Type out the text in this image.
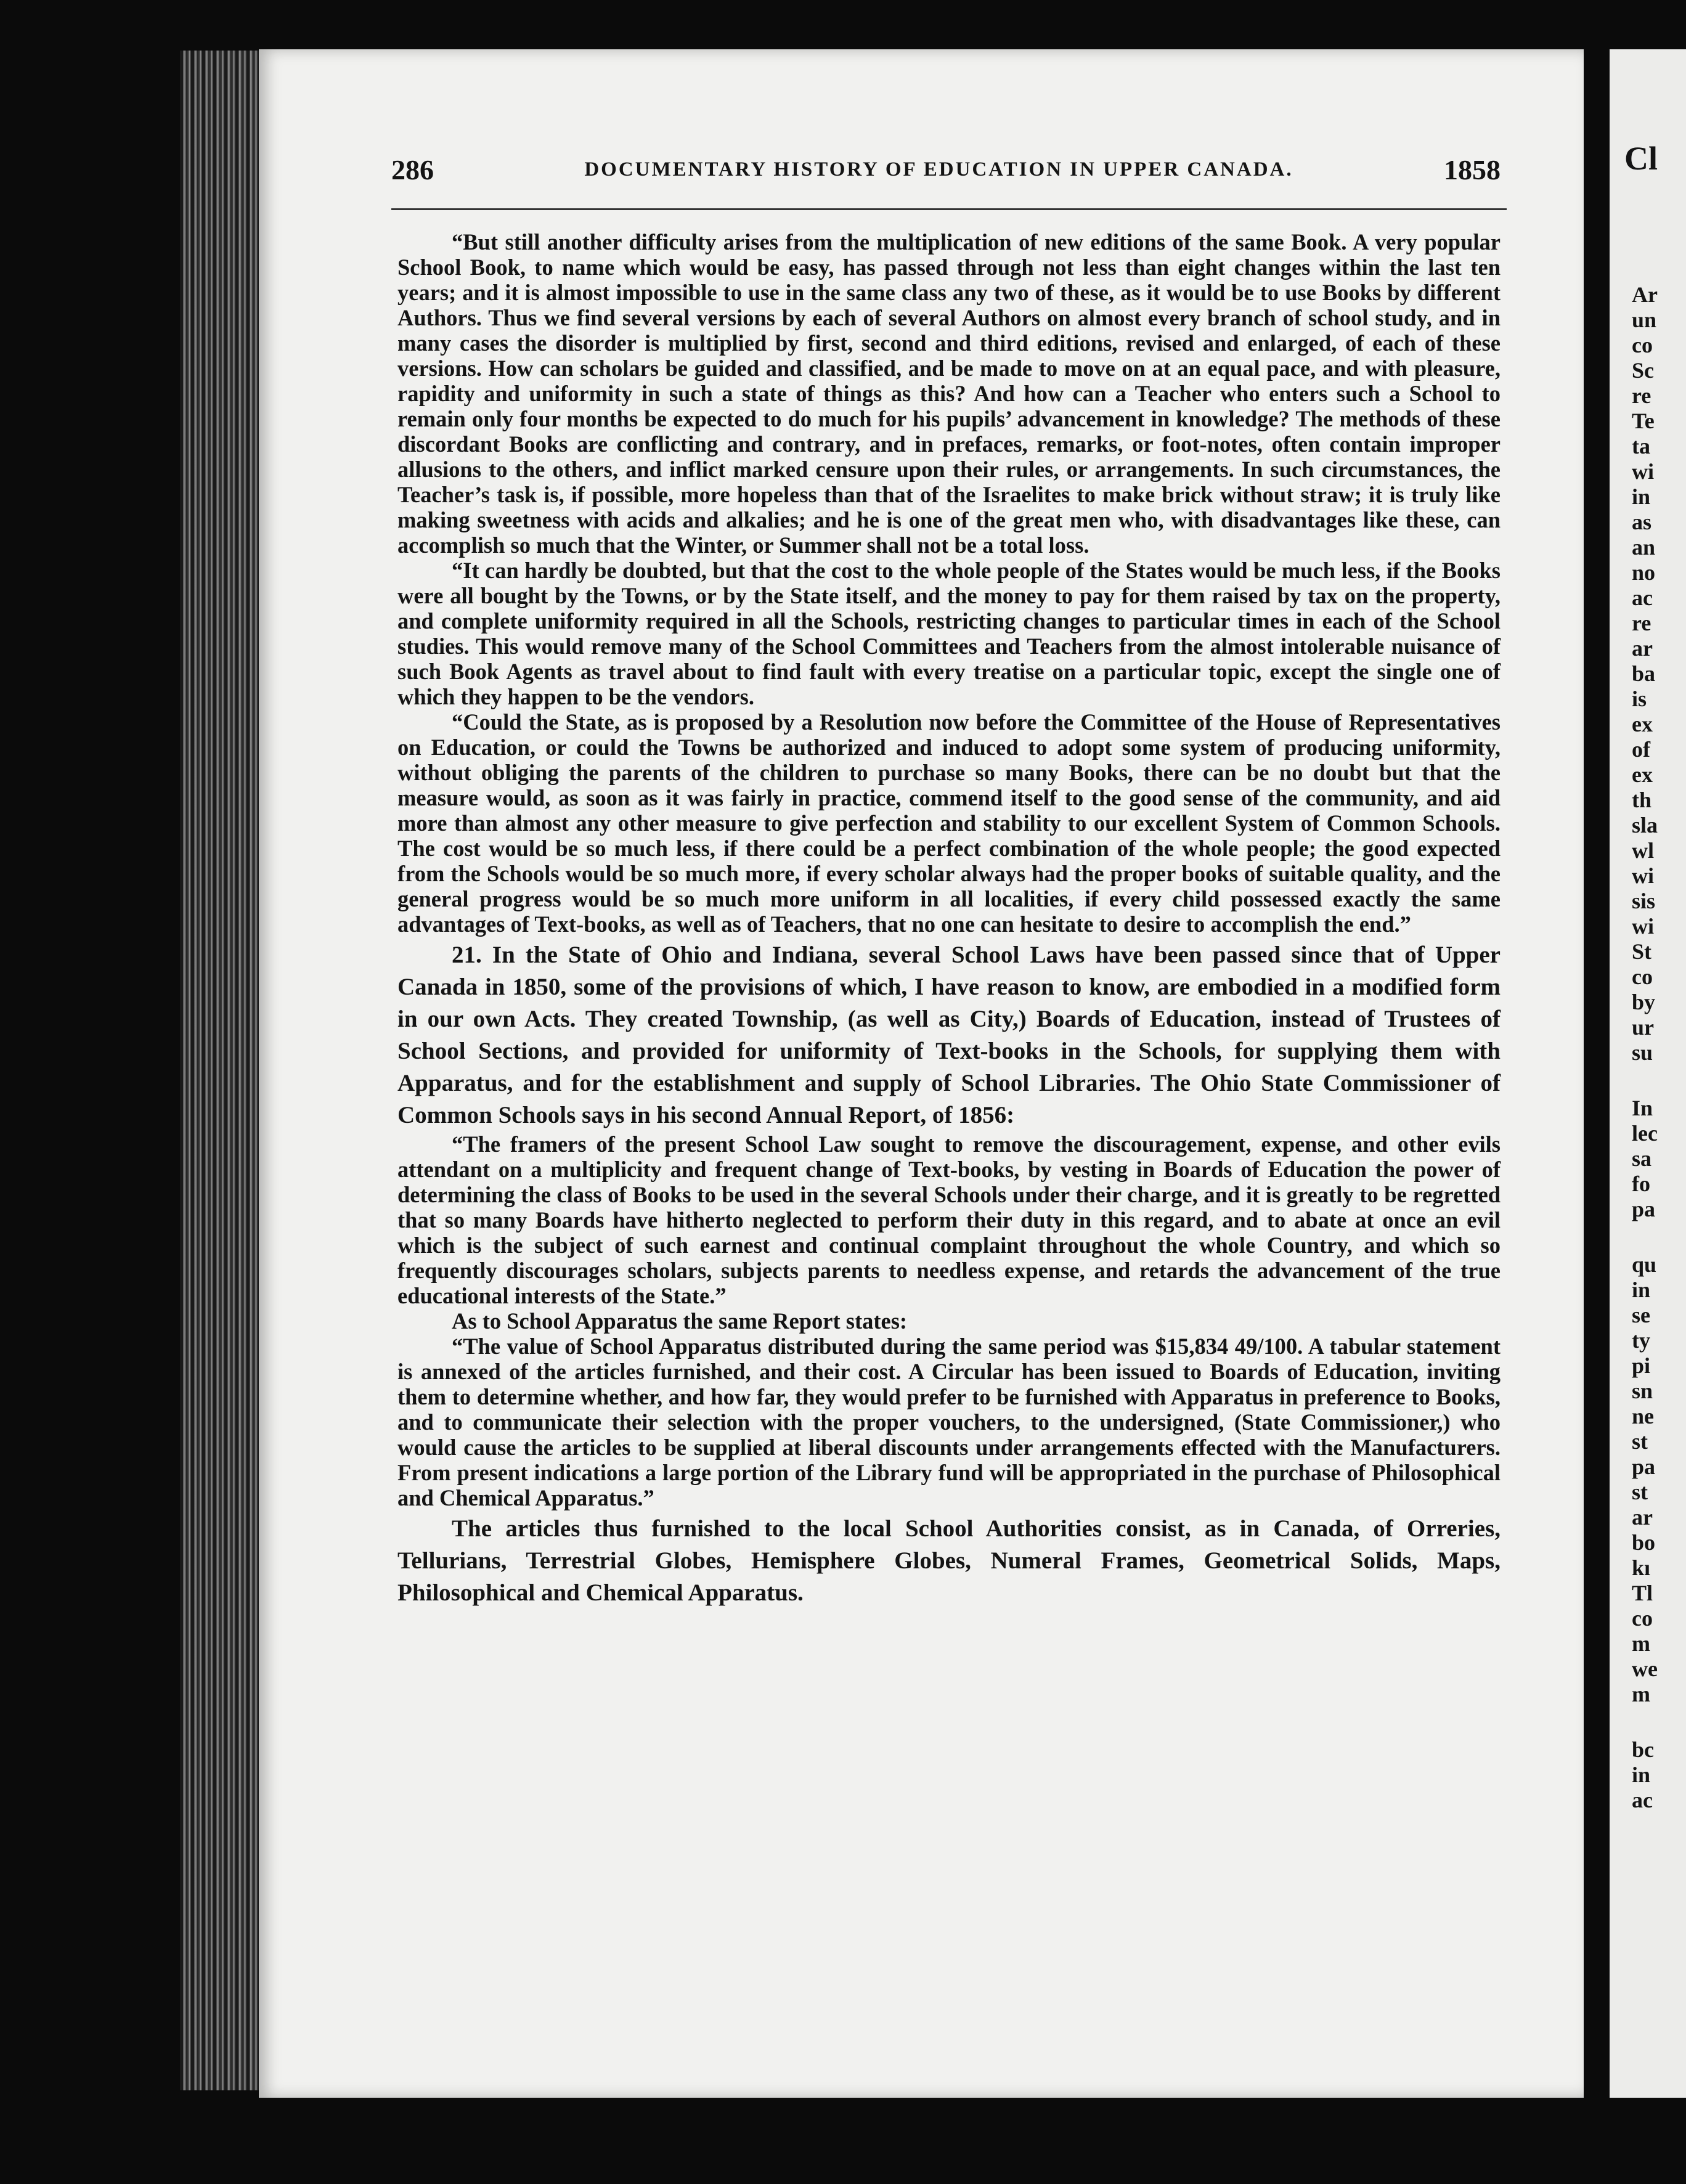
286	DOCUMENTARY HISTORY OF EDUCATION IN UPPER CANADA.	1858

“But still another difficulty arises from the multiplication of new editions of the same Book. A very popular School Book, to name which would be easy, has passed through not less than eight changes within the last ten years; and it is almost impossible to use in the same class any two of these, as it would be to use Books by different Authors. Thus we find several versions by each of several Authors on almost every branch of school study, and in many cases the disorder is multiplied by first, second and third editions, revised and enlarged, of each of these versions. How can scholars be guided and classified, and be made to move on at an equal pace, and with pleasure, rapidity and uniformity in such a state of things as this? And how can a Teacher who enters such a School to remain only four months be expected to do much for his pupils’ advancement in knowledge? The methods of these discordant Books are conflicting and contrary, and in prefaces, remarks, or foot-notes, often contain improper allusions to the others, and inflict marked censure upon their rules, or arrangements. In such circumstances, the Teacher’s task is, if possible, more hopeless than that of the Israelites to make brick without straw; it is truly like making sweetness with acids and alkalies; and he is one of the great men who, with disadvantages like these, can accomplish so much that the Winter, or Summer shall not be a total loss.

“It can hardly be doubted, but that the cost to the whole people of the States would be much less, if the Books were all bought by the Towns, or by the State itself, and the money to pay for them raised by tax on the property, and complete uniformity required in all the Schools, restricting changes to particular times in each of the School studies. This would remove many of the School Committees and Teachers from the almost intolerable nuisance of such Book Agents as travel about to find fault with every treatise on a particular topic, except the single one of which they happen to be the vendors.

“Could the State, as is proposed by a Resolution now before the Committee of the House of Representatives on Education, or could the Towns be authorized and induced to adopt some system of producing uniformity, without obliging the parents of the children to purchase so many Books, there can be no doubt but that the measure would, as soon as it was fairly in practice, commend itself to the good sense of the community, and aid more than almost any other measure to give perfection and stability to our excellent System of Common Schools. The cost would be so much less, if there could be a perfect combination of the whole people; the good expected from the Schools would be so much more, if every scholar always had the proper books of suitable quality, and the general progress would be so much more uniform in all localities, if every child possessed exactly the same advantages of Text-books, as well as of Teachers, that no one can hesitate to desire to accomplish the end.”

21. In the State of Ohio and Indiana, several School Laws have been passed since that of Upper Canada in 1850, some of the provisions of which, I have reason to know, are embodied in a modified form in our own Acts. They created Township, (as well as City,) Boards of Education, instead of Trustees of School Sections, and provided for uniformity of Text-books in the Schools, for supplying them with Apparatus, and for the establishment and supply of School Libraries. The Ohio State Commissioner of Common Schools says in his second Annual Report, of 1856:

“The framers of the present School Law sought to remove the discouragement, expense, and other evils attendant on a multiplicity and frequent change of Text-books, by vesting in Boards of Education the power of determining the class of Books to be used in the several Schools under their charge, and it is greatly to be regretted that so many Boards have hitherto neglected to perform their duty in this regard, and to abate at once an evil which is the subject of such earnest and continual complaint throughout the whole Country, and which so frequently discourages scholars, subjects parents to needless expense, and retards the advancement of the true educational interests of the State.”

As to School Apparatus the same Report states:

“The value of School Apparatus distributed during the same period was $15,834 49/100. A tabular statement is annexed of the articles furnished, and their cost. A Circular has been issued to Boards of Education, inviting them to determine whether, and how far, they would prefer to be furnished with Apparatus in preference to Books, and to communicate their selection with the proper vouchers, to the undersigned, (State Commissioner,) who would cause the articles to be supplied at liberal discounts under arrangements effected with the Manufacturers. From present indications a large portion of the Library fund will be appropriated in the purchase of Philosophical and Chemical Apparatus.”

The articles thus furnished to the local School Authorities consist, as in Canada, of Orreries, Tellurians, Terrestrial Globes, Hemisphere Globes, Numeral Frames, Geometrical Solids, Maps, Philosophical and Chemical Apparatus.

Cl
Ar
un
co
Sc
re
Te
ta
wi
in
as
an
no
ac
re
ar
ba
is
ex
of
ex
th
sla
wl
wi
sis
wi
St
co
by
ur
su
In
lec
sa
fo
pa
qu
in
se
ty
pi
sn
ne
st
pa
st
ar
bo
kı
Tl
co
m
we
m
bc
in
ac
